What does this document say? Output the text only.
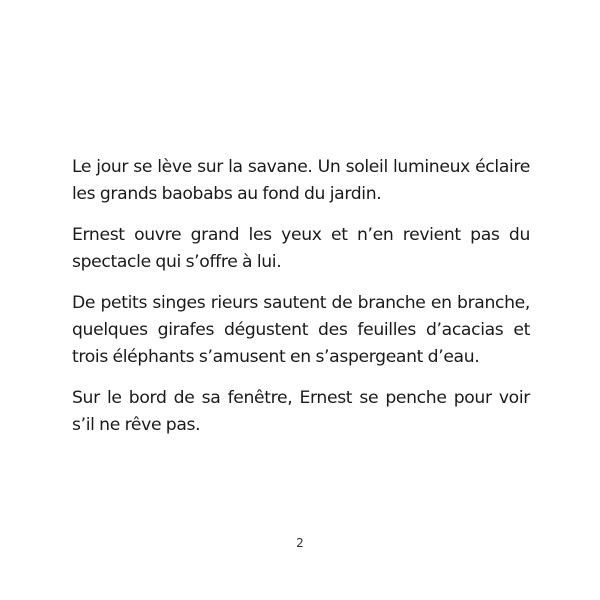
Le jour se lève sur la savane. Un soleil lumineux éclaire les grands baobabs au fond du jardin.

Ernest ouvre grand les yeux et n’en revient pas du spectacle qui s’offre à lui.

De petits singes rieurs sautent de branche en branche, quelques girafes dégustent des feuilles d’acacias et trois éléphants s’amusent en s’aspergeant d’eau.

Sur le bord de sa fenêtre, Ernest se penche pour voir s’il ne rêve pas.

2
